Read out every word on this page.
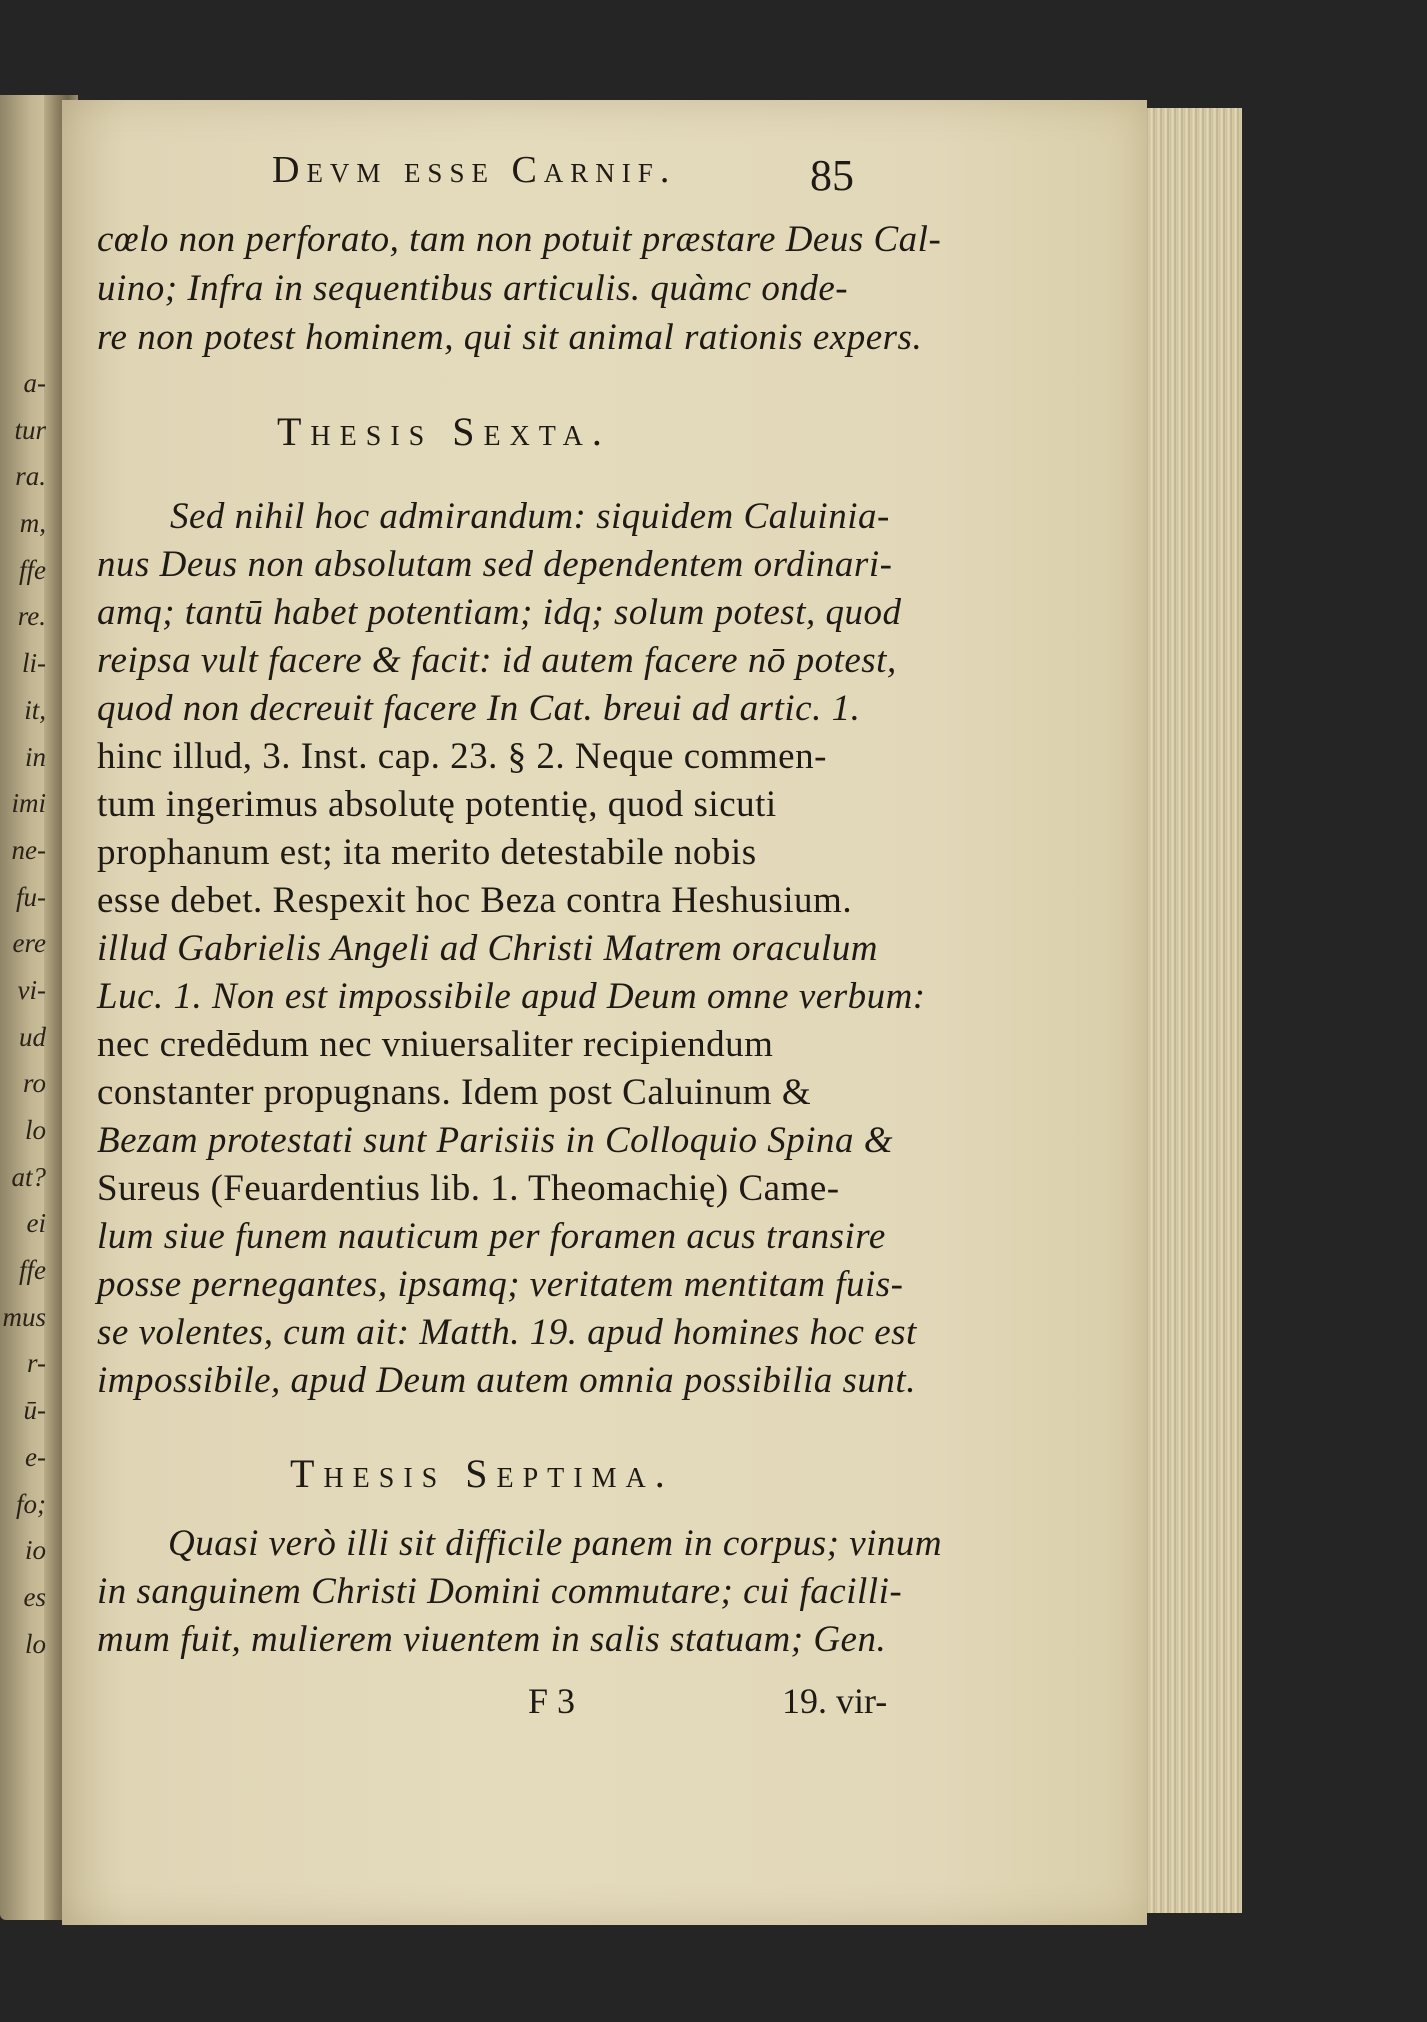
a-
tur
ra.
m,
ffe
re.
li-
it,
in
imi
ne-
fu-
ere
vi-
ud
ro
lo
at?
ei
ffe
mus
r-
ū-
e-
fo;
io
es
lo
Devm esse Carnif.	85
cœlo non perforato, tam non potuit præstare Deus Cal-
uino; Infra in sequentibus articulis. quàmc onde-
re non potest hominem, qui sit animal rationis expers.
Thesis Sexta.
Sed nihil hoc admirandum: siquidem Caluinia-
nus Deus non absolutam sed dependentem ordinari-
amq; tantū habet potentiam; idq; solum potest, quod
reipsa vult facere & facit: id autem facere nō potest,
quod non decreuit facere In Cat. breui ad artic. 1.
hinc illud, 3. Inst. cap. 23. § 2. Neque commen-
tum ingerimus absolutę potentię, quod sicuti
prophanum est; ita merito detestabile nobis
esse debet. Respexit hoc Beza contra Heshusium.
illud Gabrielis Angeli ad Christi Matrem oraculum
Luc. 1. Non est impossibile apud Deum omne verbum:
nec credēdum nec vniuersaliter recipiendum
constanter propugnans. Idem post Caluinum &
Bezam protestati sunt Parisiis in Colloquio Spina &
Sureus (Feuardentius lib. 1. Theomachię) Came-
lum siue funem nauticum per foramen acus transire
posse pernegantes, ipsamq; veritatem mentitam fuis-
se volentes, cum ait: Matth. 19. apud homines hoc est
impossibile, apud Deum autem omnia possibilia sunt.
Thesis Septima.
Quasi verò illi sit difficile panem in corpus; vinum
in sanguinem Christi Domini commutare; cui facilli-
mum fuit, mulierem viuentem in salis statuam; Gen.
F 3	19. vir-
